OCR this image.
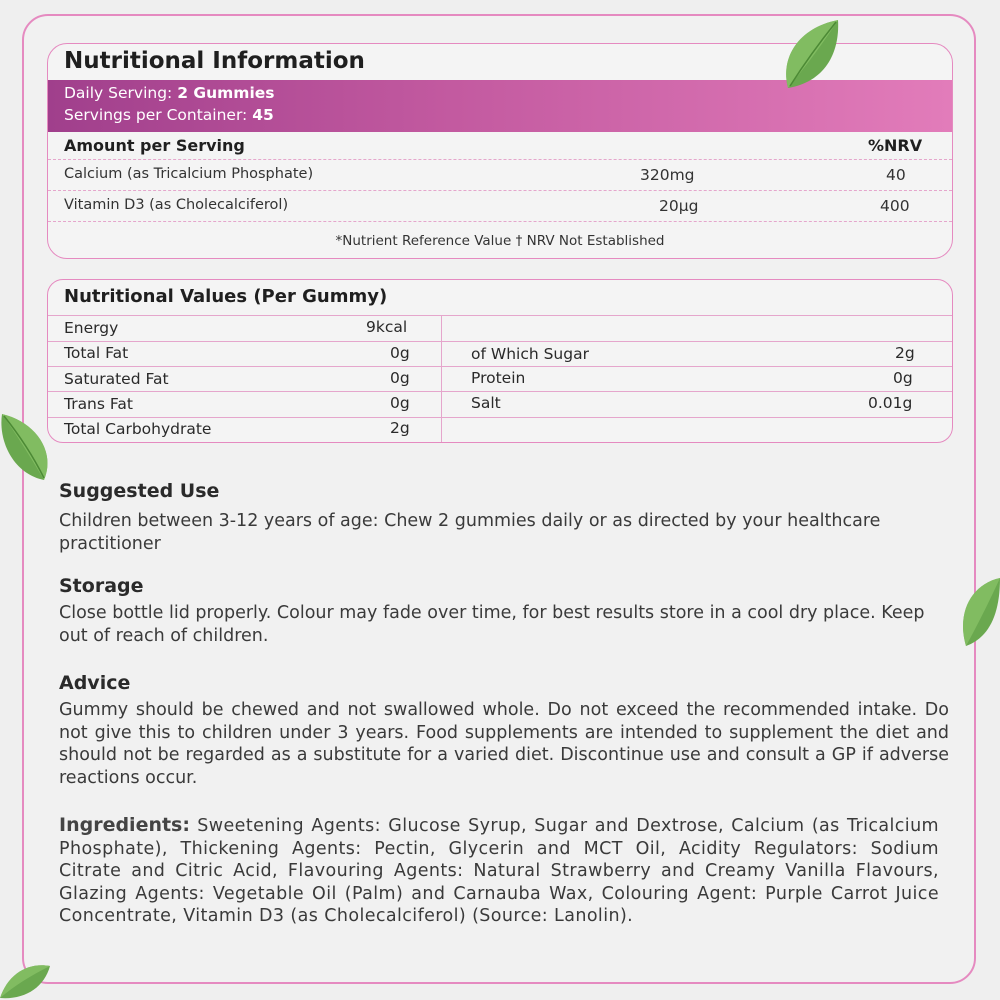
Nutritional Information
Daily Serving: 2 Gummies
Servings per Container: 45
Amount per Serving	%NRV
Calcium (as Tricalcium Phosphate)	320mg	40
Vitamin D3 (as Cholecalciferol)	20µg	400
*Nutrient Reference Value † NRV Not Established
Nutritional Values (Per Gummy)
Energy	9kcal
Total Fat	0g	of Which Sugar	2g
Saturated Fat	0g	Protein	0g
Trans Fat	0g	Salt	0.01g
Total Carbohydrate	2g
Suggested Use

Children between 3-12 years of age: Chew 2 gummies daily or as directed by your healthcare practitioner

Storage

Close bottle lid properly. Colour may fade over time, for best results store in a cool dry place. Keep out of reach of children.

Advice

Gummy should be chewed and not swallowed whole. Do not exceed the recommended intake. Do not give this to children under 3 years. Food supplements are intended to supplement the diet and should not be regarded as a substitute for a varied diet. Discontinue use and consult a GP if adverse reactions occur.

Ingredients: Sweetening Agents: Glucose Syrup, Sugar and Dextrose, Calcium (as Tricalcium Phosphate), Thickening Agents: Pectin, Glycerin and MCT Oil, Acidity Regulators: Sodium Citrate and Citric Acid, Flavouring Agents: Natural Strawberry and Creamy Vanilla Flavours, Glazing Agents: Vegetable Oil (Palm) and Carnauba Wax, Colouring Agent: Purple Carrot Juice Concentrate, Vitamin D3 (as Cholecalciferol) (Source: Lanolin).
